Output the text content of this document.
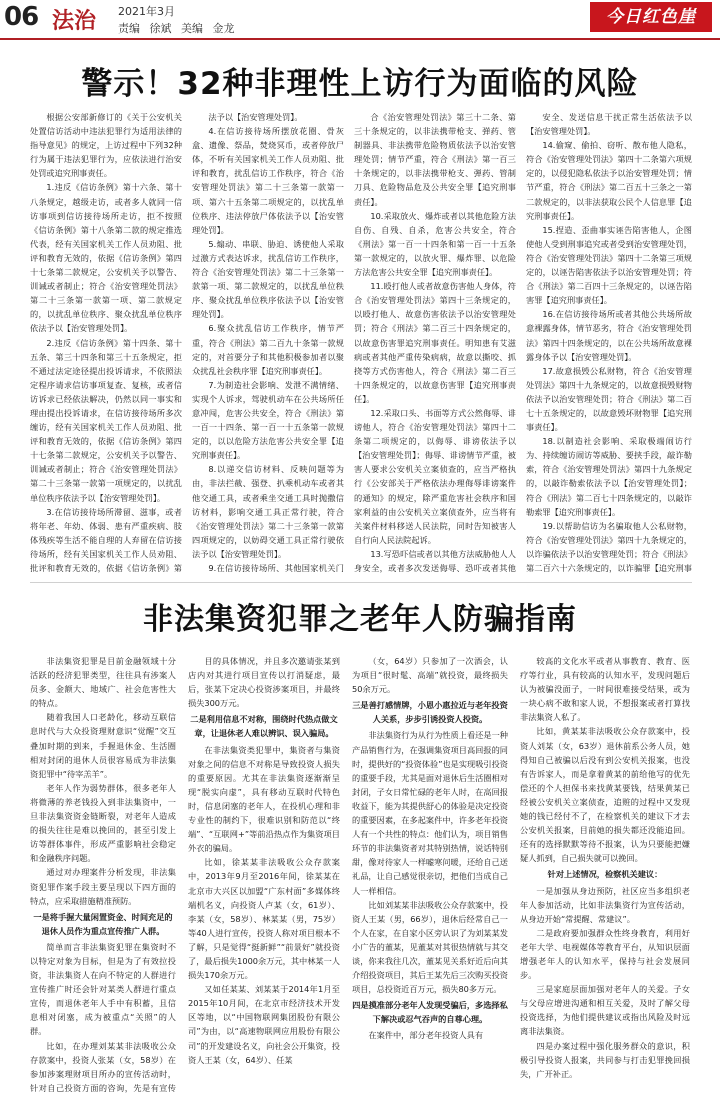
06 法治 2021年3月
责编 徐斌 美编 金龙
今日红色崖
警示！32种非理性上访行为面临的风险

根据公安部新修订的《关于公安机关处置信访活动中违法犯罪行为适用法律的指导意见》的规定，上访过程中下列32种行为属于违法犯罪行为，应依法进行治安处罚或追究刑事责任。

1.违反《信访条例》第十六条、第十八条规定，越级走访，或者多人就同一信访事项到信访接待场所走访，拒不按照《信访条例》第十八条第二款的规定推选代表，经有关国家机关工作人员劝阻、批评和教育无效的，依据《信访条例》第四十七条第二款规定，公安机关予以警告、训诫或者制止；符合《治安管理处罚法》第二十三条第一款第一项、第二款规定的，以扰乱单位秩序、聚众扰乱单位秩序依法予以【治安管理处罚】。

2.违反《信访条例》第十四条、第十五条、第三十四条和第三十五条规定，拒不通过法定途径提出投诉请求，不依照法定程序请求信访事项复查、复核，或者信访诉求已经依法解决，仍然以同一事实和理由提出投诉请求，在信访接待场所多次缠访，经有关国家机关工作人员劝阻、批评和教育无效的，依据《信访条例》第四十七条第二款规定，公安机关予以警告、训诫或者制止；符合《治安管理处罚法》第二十三条第一款第一项规定的，以扰乱单位秩序依法予以【治安管理处罚】。

3.在信访接待场所滞留、滋事，或者将年老、年幼、体弱、患有严重疾病、肢体残疾等生活不能自理的人弃留在信访接待场所，经有关国家机关工作人员劝阻、批评和教育无效的，依据《信访条例》第

法予以【治安管理处罚】。

4.在信访接待场所摆放花圈、骨灰盒、遗像、祭品，焚烧冥币，或者停放尸体，不听有关国家机关工作人员劝阻、批评和教育，扰乱信访工作秩序，符合《治安管理处罚法》第二十三条第一款第一项、第六十五条第二项规定的，以扰乱单位秩序、违法停放尸体依法予以【治安管理处罚】。

5.煽动、串联、胁迫、诱使他人采取过激方式表达诉求，扰乱信访工作秩序，符合《治安管理处罚法》第二十三条第一款第一项、第二款规定的，以扰乱单位秩序、聚众扰乱单位秩序依法予以【治安管理处罚】。

6.聚众扰乱信访工作秩序，情节严重，符合《刑法》第二百九十条第一款规定的，对首要分子和其他积极参加者以聚众扰乱社会秩序罪【追究刑事责任】。

7.为制造社会影响、发泄不满情绪、实现个人诉求，驾驶机动车在公共场所任意冲闯，危害公共安全，符合《刑法》第一百一十四条、第一百一十五条第一款规定的，以以危险方法危害公共安全罪【追究刑事责任】。

8.以递交信访材料、反映问题等为由，非法拦截、强登、扒乘机动车或者其他交通工具，或者乘坐交通工具时抛撒信访材料，影响交通工具正常行驶，符合《治安管理处罚法》第二十三条第一款第四项规定的，以妨碍交通工具正常行驶依法予以【治安管理处罚】。

9.在信访接待场所、其他国家机关门

合《治安管理处罚法》第三十二条、第三十条规定的，以非法携带枪支、弹药、管制器具、非法携带危险物质依法予以治安管理处罚；情节严重，符合《刑法》第一百三十条规定的，以非法携带枪支、弹药、管制刀具、危险物品危及公共安全罪【追究刑事责任】。

10.采取放火、爆炸或者以其他危险方法自伤、自残、自杀，危害公共安全，符合《刑法》第一百一十四条和第一百一十五条第一款规定的，以放火罪、爆炸罪、以危险方法危害公共安全罪【追究刑事责任】。

11.殴打他人或者故意伤害他人身体，符合《治安管理处罚法》第四十三条规定的，以殴打他人、故意伤害依法予以治安管理处罚；符合《刑法》第二百三十四条规定的，以故意伤害罪追究刑事责任。明知患有艾滋病或者其他严重传染病病，故意以撕咬、抓挠等方式伤害他人，符合《刑法》第二百三十四条规定的，以故意伤害罪【追究刑事责任】。

12.采取口头、书面等方式公然侮辱、诽谤他人，符合《治安管理处罚法》第四十二条第二项规定的，以侮辱、诽谤依法予以【治安管理处罚】；侮辱、诽谤情节严重，被害人要求公安机关立案侦查的，应当严格执行《公安部关于严格依法办理侮辱诽谤案件的通知》的规定，除严重危害社会秩序和国家利益的由公安机关立案侦查外，应当将有关案件材料移送人民法院，同时告知被害人自行向人民法院起诉。

13.写恐吓信或者以其他方法威胁他人人身安全，或者多次发送侮辱、恐吓或者其他

安全、发送信息干扰正常生活依法予以【治安管理处罚】。

14.偷窥、偷拍、窃听、散布他人隐私，符合《治安管理处罚法》第四十二条第六项规定的，以侵犯隐私依法予以治安管理处罚；情节严重，符合《刑法》第二百五十三条之一第二款规定的，以非法获取公民个人信息罪【追究刑事责任】。

15.捏造、歪曲事实诬告陷害他人，企图使他人受到刑事追究或者受到治安管理处罚，符合《治安管理处罚法》第四十二条第三项规定的，以诬告陷害依法予以治安管理处罚；符合《刑法》第二百四十三条规定的，以诬告陷害罪【追究刑事责任】。

16.在信访接待场所或者其他公共场所故意裸露身体，情节恶劣，符合《治安管理处罚法》第四十四条规定的，以在公共场所故意裸露身体予以【治安管理处罚】。

17.故意损毁公私财物，符合《治安管理处罚法》第四十九条规定的，以故意损毁财物依法予以治安管理处罚；符合《刑法》第二百七十五条规定的，以故意毁坏财物罪【追究刑事责任】。

18.以制造社会影响、采取极端闹访行为、持续缠访闹访等威胁、要挟手段，敲诈勒索，符合《治安管理处罚法》第四十九条规定的，以敲诈勒索依法予以【治安管理处罚】；符合《刑法》第二百七十四条规定的，以敲诈勒索罪【追究刑事责任】。

19.以帮助信访为名骗取他人公私财物，符合《治安管理处罚法》第四十九条规定的，以诈骗依法予以治安管理处罚；符合《刑法》第二百六十六条规定的，以诈骗罪【追究刑事

非法集资犯罪之老年人防骗指南

非法集资犯罪是目前金融领域十分活跃的经济犯罪类型，往往具有涉案人员多、金额大、地域广、社会危害性大的特点。

随着我国人口老龄化，移动互联信息时代与大众投资理财意识“觉醒”交互叠加时期的到来，手握退休金、生活圈相对封闭的退休人员很容易成为非法集资犯罪中“待宰羔羊”。

老年人作为弱势群体，很多老年人将微薄的养老钱投入到非法集资中，一旦非法集资资金链断裂，对老年人造成的损失往往是难以挽回的，甚至引发上访等群体事件，形成严重影响社会稳定和金融秩序问题。

通过对办理案件分析发现，非法集资犯罪作案手段主要呈现以下四方面的特点，应采取措施精准预防。

一是将手握大量闲置资金、时间充足的退休人员作为重点宣传推广人群。

简单而言非法集资犯罪在集资时不以特定对象为目标，但是为了有效拉投资，非法集资人在向不特定的人群进行宣传推广时还会针对某类人群进行重点宣传，而退休老年人手中有积蓄，且信息相对闭塞，成为被重点“关照”的人群。

比如，在办理刘某某非法吸收公众存款案中，投资人张某（女，58岁）在参加涉案理财项目所办的宣传活动时，针对自己投资方面的咨询，先是有宣传

目的具体情况，并且多次邀请张某到店内对其进行项目宣传以打消疑虑，最后，张某下定决心投资涉案项目，并最终损失300万元。

二是利用信息不对称，围绕时代热点做文章，让退休老人难以辨识、误入骗局。

在非法集资类犯罪中，集资者与集资对象之间的信息不对称是导致投资人损失的重要原因。尤其在非法集资逐渐渐呈现“脱实向虚”，具有移动互联时代特色时，信息闭塞的老年人，在投机心理和非专业性的制约下，很难识别和防范以“终端”、“互联网+”等前沿热点作为集资项目外衣的骗局。

比如，徐某某非法吸收公众存款案中，2013年9月至2016年间，徐某某在北京市大兴区以加盟“广东村面”多媒体终端机名义，向投资人卢某（女，61岁）、李某（女，58岁）、林某某（男，75岁）等40人进行宣传，投资人称对项目根本不了解，只是觉得“挺新鲜”“前景好”就投资了，最后损失1000余万元，其中林某一人损失170余万元。

又如任某某、刘某某于2014年1月至2015年10月间，在北京市经济技术开发区等地，以“中国物联网集团股份有限公司”为由，以“高速物联网应用股份有限公司”的开发建设名义，向社会公开集资，投资人王某（女，64岁）、任某

（女，64岁）只参加了一次酒会，认为项目“很时髦、高端”就投资，最终损失50余万元。

三是善打感情牌，小恩小惠拉近与老年投资人关系，步步引诱投资人投资。

非法集资行为从行为性质上看还是一种产品销售行为，在强调集资项目高回报的同时，提供好的“投资体验”也是实现吸引投资的重要手段，尤其是面对退休后生活圈相对封闭，子女日常忙碌的老年人时，在高回报收益下，能为其提供舒心的体验是决定投资的重要因素，在多起案件中，许多老年投资人有一个共性的特点：他们认为，项目销售环节的非法集资者对其特别热情，说话特别甜，像对待家人一样嘘寒问暖，还给自己送礼品，让自己感觉很亲切，把他们当成自己人一样相信。

比如刘某某非法吸收公众存款案中，投资人王某（男，66岁），退休后经常自己一个人在家，在自家小区旁认识了为刘某某发小广告的董某，见董某对其很热情就与其交谈，你来我往几次，董某见关系好近后向其介绍投资项目，其后王某先后三次购买投资项目，总投资近百万元，损失80多万元。

四是摸准部分老年人发现受骗后，多选择私下解决或忍气吞声的自尊心理。

在案件中，部分老年投资人具有

较高的文化水平或者从事教育、教育、医疗等行业，具有较高的认知水平，发现问题后认为被骗没面子，一时间很难接受结果，或为一块心病不敢和家人说，不想报案或者打算找非法集资人私了。

比如，黄某某非法吸收公众存款案中，投资人刘某（女，63岁）退休前系公务人员，她得知自己被骗以后没有到公安机关报案，也没有告诉家人，而是拿着黄某的前给他写的优先偿还的个人担保书来找黄某要钱，结果黄某已经被公安机关立案侦查，追赃的过程中又发现她的钱已经付不了，在检察机关的建议下才去公安机关报案，目前她的损失都还没能追回。还有的选择默默等待不报案，认为只要能把嫌疑人抓到，自己损失就可以挽回。

针对上述情况，检察机关建议：

一是加强从身边预防，社区应当多组织老年人参加活动，比如非法集资行为宣传活动，从身边开始“常提醒、常建议”。

二是政府要加强群众性终身教育，利用好老年大学、电视媒体等教育平台，从知识层面增强老年人的认知水平，保持与社会发展同步。

三是家庭层面加强对老年人的关爱。子女与父母应增进沟通和相互关爱，及时了解父母投资选择，为他们提供建议或指出风险及时远离非法集资。

四是办案过程中强化服务群众的意识，积极引导投资人报案，共同参与打击犯罪挽回损失，广开补正。
